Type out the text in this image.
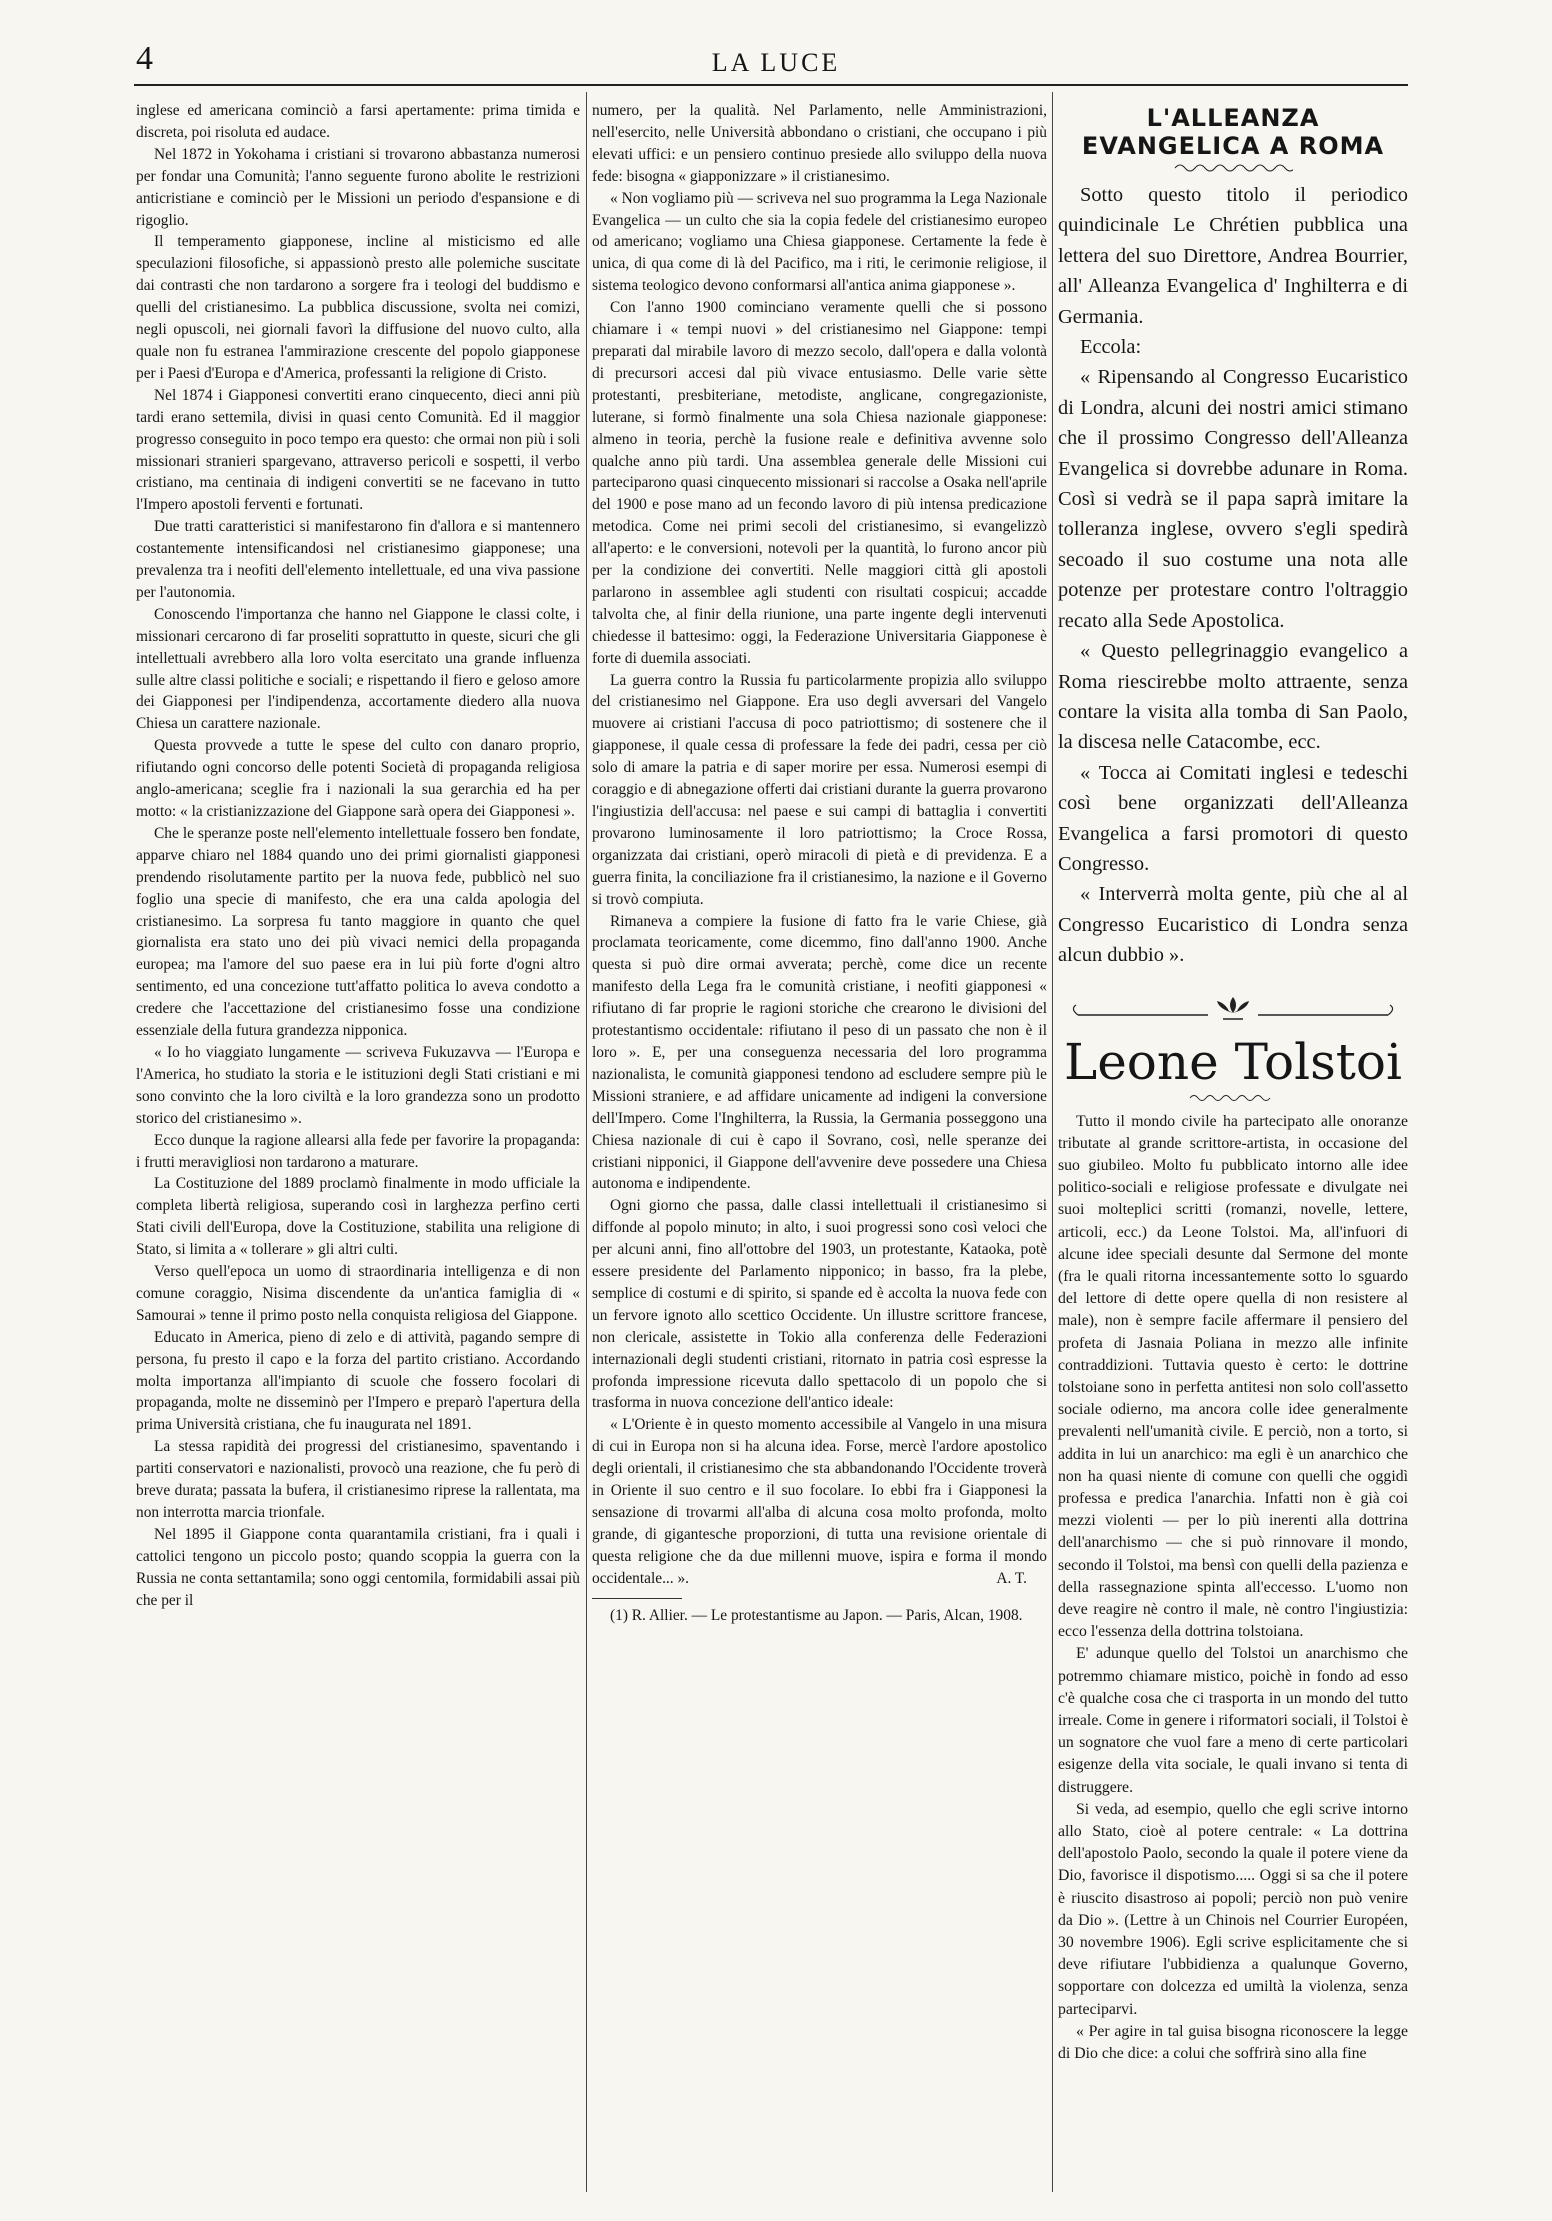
4	LA LUCE

inglese ed americana cominciò a farsi apertamente: prima timida e discreta, poi risoluta ed audace.

Nel 1872 in Yokohama i cristiani si trovarono abbastanza numerosi per fondar una Comunità; l'anno seguente furono abolite le restrizioni anticristiane e cominciò per le Missioni un periodo d'espansione e di rigoglio.

Il temperamento giapponese, incline al misticismo ed alle speculazioni filosofiche, si appassionò presto alle polemiche suscitate dai contrasti che non tardarono a sorgere fra i teologi del buddismo e quelli del cristianesimo. La pubblica discussione, svolta nei comizi, negli opuscoli, nei giornali favorì la diffusione del nuovo culto, alla quale non fu estranea l'ammirazione crescente del popolo giapponese per i Paesi d'Europa e d'America, professanti la religione di Cristo.

Nel 1874 i Giapponesi convertiti erano cinquecento, dieci anni più tardi erano settemila, divisi in quasi cento Comunità. Ed il maggior progresso conseguito in poco tempo era questo: che ormai non più i soli missionari stranieri spargevano, attraverso pericoli e sospetti, il verbo cristiano, ma centinaia di indigeni convertiti se ne facevano in tutto l'Impero apostoli ferventi e fortunati.

Due tratti caratteristici si manifestarono fin d'allora e si mantennero costantemente intensificandosi nel cristianesimo giapponese; una prevalenza tra i neofiti dell'elemento intellettuale, ed una viva passione per l'autonomia.

Conoscendo l'importanza che hanno nel Giappone le classi colte, i missionari cercarono di far proseliti soprattutto in queste, sicuri che gli intellettuali avrebbero alla loro volta esercitato una grande influenza sulle altre classi politiche e sociali; e rispettando il fiero e geloso amore dei Giapponesi per l'indipendenza, accortamente diedero alla nuova Chiesa un carattere nazionale.

Questa provvede a tutte le spese del culto con danaro proprio, rifiutando ogni concorso delle potenti Società di propaganda religiosa anglo-americana; sceglie fra i nazionali la sua gerarchia ed ha per motto: « la cristianizzazione del Giappone sarà opera dei Giapponesi ».

Che le speranze poste nell'elemento intellettuale fossero ben fondate, apparve chiaro nel 1884 quando uno dei primi giornalisti giapponesi prendendo risolutamente partito per la nuova fede, pubblicò nel suo foglio una specie di manifesto, che era una calda apologia del cristianesimo. La sorpresa fu tanto maggiore in quanto che quel giornalista era stato uno dei più vivaci nemici della propaganda europea; ma l'amore del suo paese era in lui più forte d'ogni altro sentimento, ed una concezione tutt'affatto politica lo aveva condotto a credere che l'accettazione del cristianesimo fosse una condizione essenziale della futura grandezza nipponica.

« Io ho viaggiato lungamente — scriveva Fukuzavva — l'Europa e l'America, ho studiato la storia e le istituzioni degli Stati cristiani e mi sono convinto che la loro civiltà e la loro grandezza sono un prodotto storico del cristianesimo ».

Ecco dunque la ragione allearsi alla fede per favorire la propaganda: i frutti meravigliosi non tardarono a maturare.

La Costituzione del 1889 proclamò finalmente in modo ufficiale la completa libertà religiosa, superando così in larghezza perfino certi Stati civili dell'Europa, dove la Costituzione, stabilita una religione di Stato, si limita a « tollerare » gli altri culti.

Verso quell'epoca un uomo di straordinaria intelligenza e di non comune coraggio, Nisima discendente da un'antica famiglia di « Samourai » tenne il primo posto nella conquista religiosa del Giappone.

Educato in America, pieno di zelo e di attività, pagando sempre di persona, fu presto il capo e la forza del partito cristiano. Accordando molta importanza all'impianto di scuole che fossero focolari di propaganda, molte ne disseminò per l'Impero e preparò l'apertura della prima Università cristiana, che fu inaugurata nel 1891.

La stessa rapidità dei progressi del cristianesimo, spaventando i partiti conservatori e nazionalisti, provocò una reazione, che fu però di breve durata; passata la bufera, il cristianesimo riprese la rallentata, ma non interrotta marcia trionfale.

Nel 1895 il Giappone conta quarantamila cristiani, fra i quali i cattolici tengono un piccolo posto; quando scoppia la guerra con la Russia ne conta settantamila; sono oggi centomila, formidabili assai più che per il

numero, per la qualità. Nel Parlamento, nelle Amministrazioni, nell'esercito, nelle Università abbondano o cristiani, che occupano i più elevati uffici: e un pensiero continuo presiede allo sviluppo della nuova fede: bisogna « giapponizzare » il cristianesimo.

« Non vogliamo più — scriveva nel suo programma la Lega Nazionale Evangelica — un culto che sia la copia fedele del cristianesimo europeo od americano; vogliamo una Chiesa giapponese. Certamente la fede è unica, di qua come di là del Pacifico, ma i riti, le cerimonie religiose, il sistema teologico devono conformarsi all'antica anima giapponese ».

Con l'anno 1900 cominciano veramente quelli che si possono chiamare i « tempi nuovi » del cristianesimo nel Giappone: tempi preparati dal mirabile lavoro di mezzo secolo, dall'opera e dalla volontà di precursori accesi dal più vivace entusiasmo. Delle varie sètte protestanti, presbiteriane, metodiste, anglicane, congregazioniste, luterane, si formò finalmente una sola Chiesa nazionale giapponese: almeno in teoria, perchè la fusione reale e definitiva avvenne solo qualche anno più tardi. Una assemblea generale delle Missioni cui parteciparono quasi cinquecento missionari si raccolse a Osaka nell'aprile del 1900 e pose mano ad un fecondo lavoro di più intensa predicazione metodica. Come nei primi secoli del cristianesimo, si evangelizzò all'aperto: e le conversioni, notevoli per la quantità, lo furono ancor più per la condizione dei convertiti. Nelle maggiori città gli apostoli parlarono in assemblee agli studenti con risultati cospicui; accadde talvolta che, al finir della riunione, una parte ingente degli intervenuti chiedesse il battesimo: oggi, la Federazione Universitaria Giapponese è forte di duemila associati.

La guerra contro la Russia fu particolarmente propizia allo sviluppo del cristianesimo nel Giappone. Era uso degli avversari del Vangelo muovere ai cristiani l'accusa di poco patriottismo; di sostenere che il giapponese, il quale cessa di professare la fede dei padri, cessa per ciò solo di amare la patria e di saper morire per essa. Numerosi esempi di coraggio e di abnegazione offerti dai cristiani durante la guerra provarono l'ingiustizia dell'accusa: nel paese e sui campi di battaglia i convertiti provarono luminosamente il loro patriottismo; la Croce Rossa, organizzata dai cristiani, operò miracoli di pietà e di previdenza. E a guerra finita, la conciliazione fra il cristianesimo, la nazione e il Governo si trovò compiuta.

Rimaneva a compiere la fusione di fatto fra le varie Chiese, già proclamata teoricamente, come dicemmo, fino dall'anno 1900. Anche questa si può dire ormai avverata; perchè, come dice un recente manifesto della Lega fra le comunità cristiane, i neofiti giapponesi « rifiutano di far proprie le ragioni storiche che crearono le divisioni del protestantismo occidentale: rifiutano il peso di un passato che non è il loro ». E, per una conseguenza necessaria del loro programma nazionalista, le comunità giapponesi tendono ad escludere sempre più le Missioni straniere, e ad affidare unicamente ad indigeni la conversione dell'Impero. Come l'Inghilterra, la Russia, la Germania posseggono una Chiesa nazionale di cui è capo il Sovrano, così, nelle speranze dei cristiani nipponici, il Giappone dell'avvenire deve possedere una Chiesa autonoma e indipendente.

Ogni giorno che passa, dalle classi intellettuali il cristianesimo si diffonde al popolo minuto; in alto, i suoi progressi sono così veloci che per alcuni anni, fino all'ottobre del 1903, un protestante, Kataoka, potè essere presidente del Parlamento nipponico; in basso, fra la plebe, semplice di costumi e di spirito, si spande ed è accolta la nuova fede con un fervore ignoto allo scettico Occidente. Un illustre scrittore francese, non clericale, assistette in Tokio alla conferenza delle Federazioni internazionali degli studenti cristiani, ritornato in patria così espresse la profonda impressione ricevuta dallo spettacolo di un popolo che si trasforma in nuova concezione dell'antico ideale:

« L'Oriente è in questo momento accessibile al Vangelo in una misura di cui in Europa non si ha alcuna idea. Forse, mercè l'ardore apostolico degli orientali, il cristianesimo che sta abbandonando l'Occidente troverà in Oriente il suo centro e il suo focolare. Io ebbi fra i Giapponesi la sensazione di trovarmi all'alba di alcuna cosa molto profonda, molto grande, di gigantesche proporzioni, di tutta una revisione orientale di questa religione che da due millenni muove, ispira e forma il mondo occidentale... ».	A. T.

(1) R. Allier. — Le protestantisme au Japon. — Paris, Alcan, 1908.

L'ALLEANZA EVANGELICA A ROMA

Sotto questo titolo il periodico quindicinale Le Chrétien pubblica una lettera del suo Direttore, Andrea Bourrier, all' Alleanza Evangelica d' Inghilterra e di Germania.

Eccola:

« Ripensando al Congresso Eucaristico di Londra, alcuni dei nostri amici stimano che il prossimo Congresso dell'Alleanza Evangelica si dovrebbe adunare in Roma. Così si vedrà se il papa saprà imitare la tolleranza inglese, ovvero s'egli spedirà secoado il suo costume una nota alle potenze per protestare contro l'oltraggio recato alla Sede Apostolica.

« Questo pellegrinaggio evangelico a Roma riescirebbe molto attraente, senza contare la visita alla tomba di San Paolo, la discesa nelle Catacombe, ecc.

« Tocca ai Comitati inglesi e tedeschi così bene organizzati dell'Alleanza Evangelica a farsi promotori di questo Congresso.

« Interverrà molta gente, più che al al Congresso Eucaristico di Londra senza alcun dubbio ».

Leone Tolstoi

Tutto il mondo civile ha partecipato alle onoranze tributate al grande scrittore-artista, in occasione del suo giubileo. Molto fu pubblicato intorno alle idee politico-sociali e religiose professate e divulgate nei suoi molteplici scritti (romanzi, novelle, lettere, articoli, ecc.) da Leone Tolstoi. Ma, all'infuori di alcune idee speciali desunte dal Sermone del monte (fra le quali ritorna incessantemente sotto lo sguardo del lettore di dette opere quella di non resistere al male), non è sempre facile affermare il pensiero del profeta di Jasnaia Poliana in mezzo alle infinite contraddizioni. Tuttavia questo è certo: le dottrine tolstoiane sono in perfetta antitesi non solo coll'assetto sociale odierno, ma ancora colle idee generalmente prevalenti nell'umanità civile. E perciò, non a torto, si addita in lui un anarchico: ma egli è un anarchico che non ha quasi niente di comune con quelli che oggidì professa e predica l'anarchia. Infatti non è già coi mezzi violenti — per lo più inerenti alla dottrina dell'anarchismo — che si può rinnovare il mondo, secondo il Tolstoi, ma bensì con quelli della pazienza e della rassegnazione spinta all'eccesso. L'uomo non deve reagire nè contro il male, nè contro l'ingiustizia: ecco l'essenza della dottrina tolstoiana.

E' adunque quello del Tolstoi un anarchismo che potremmo chiamare mistico, poichè in fondo ad esso c'è qualche cosa che ci trasporta in un mondo del tutto irreale. Come in genere i riformatori sociali, il Tolstoi è un sognatore che vuol fare a meno di certe particolari esigenze della vita sociale, le quali invano si tenta di distruggere.

Si veda, ad esempio, quello che egli scrive intorno allo Stato, cioè al potere centrale: « La dottrina dell'apostolo Paolo, secondo la quale il potere viene da Dio, favorisce il dispotismo..... Oggi si sa che il potere è riuscito disastroso ai popoli; perciò non può venire da Dio ». (Lettre à un Chinois nel Courrier Européen, 30 novembre 1906). Egli scrive esplicitamente che si deve rifiutare l'ubbidienza a qualunque Governo, sopportare con dolcezza ed umiltà la violenza, senza parteciparvi.

« Per agire in tal guisa bisogna riconoscere la legge di Dio che dice: a colui che soffrirà sino alla fine
